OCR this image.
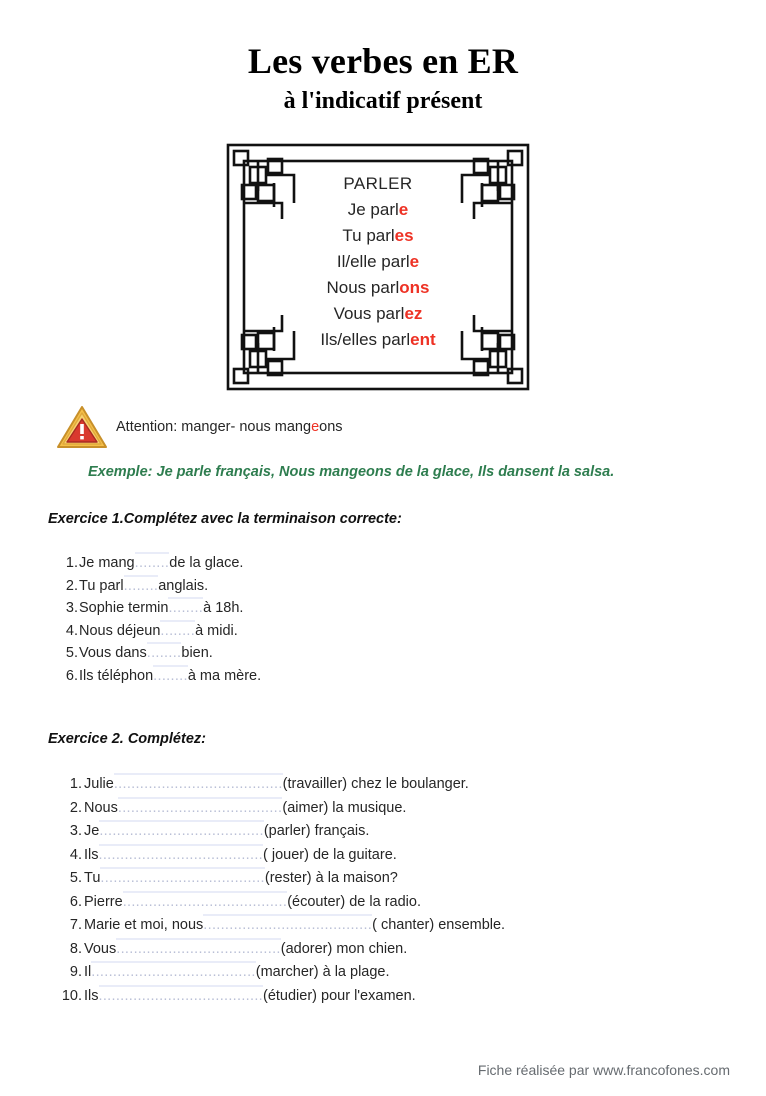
Les verbes en ER
à l'indicatif présent
PARLER
Je parle
Tu parles
Il/elle parle
Nous parlons
Vous parlez
Ils/elles parlent
Attention: manger- nous mangeons
Exemple: Je parle français, Nous mangeons de la glace, Ils dansent la salsa.
Exercice 1.Complétez avec la terminaison correcte:
1. Je mang ........ de la glace.
2. Tu parl ........ anglais.
3. Sophie termin ........ à 18h.
4. Nous déjeun ........ à midi.
5. Vous dans ........ bien.
6. Ils téléphon ........ à ma mère.
Exercice 2. Complétez:
1. Julie ....................................... (travailler) chez le boulanger.
2. Nous ...................................... (aimer) la musique.
3. Je ...................................... (parler) français.
4. Ils ...................................... ( jouer) de la guitare.
5. Tu ...................................... (rester) à la maison?
6. Pierre ...................................... (écouter) de la radio.
7. Marie et moi, nous ....................................... ( chanter) ensemble.
8. Vous ...................................... (adorer) mon chien.
9. Il ...................................... (marcher) à la plage.
10. Ils ...................................... (étudier) pour l'examen.
Fiche réalisée par www.francofones.com
